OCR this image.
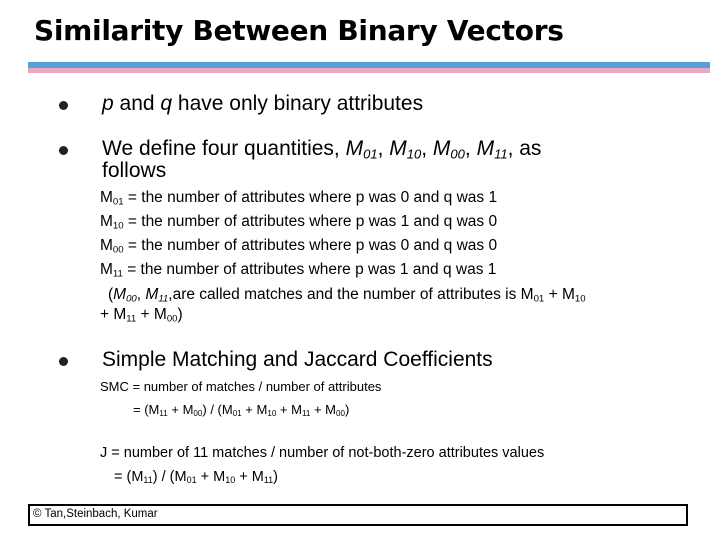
Similarity Between Binary Vectors
p and q have only binary attributes
We define four quantities, $M_{01}$, $M_{10}$, $M_{00}$, $M_{11}$, as
follows
$M_{01}$ = the number of attributes where p was 0 and q was 1
$M_{10}$ = the number of attributes where p was 1 and q was 0
$M_{00}$ = the number of attributes where p was 0 and q was 0
$M_{11}$ = the number of attributes where p was 1 and q was 1
($M_{00}$, $M_{11},are$ called matches and the number of attributes is $M_{01} + M_{10}$
+ $M_{11} + M_{00}$)
Simple Matching and Jaccard Coefficients
SMC = number of matches / number of attributes
= $(M_{11} + M_{00}) / (M_{01} + M_{10} + M_{11} + M_{00})$
J = number of 11 matches / number of not-both-zero attributes values
= $(M_{11}) / (M_{01} + M_{10} + M_{11})$
© Tan,Steinbach, Kumar
